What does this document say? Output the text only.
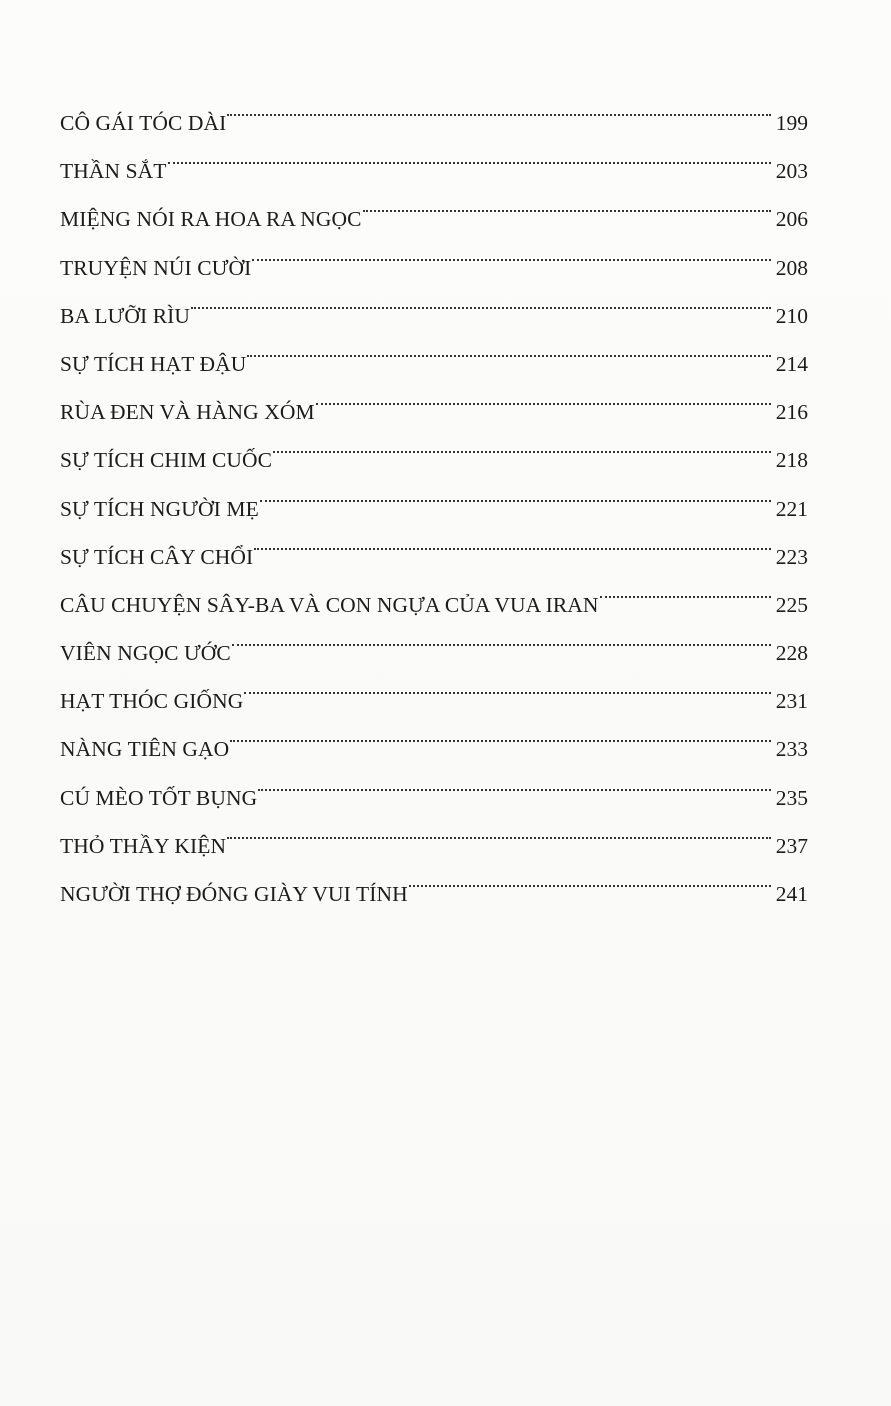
CÔ GÁI TÓC DÀI	199
THẦN SẮT	203
MIỆNG NÓI RA HOA RA NGỌC	206
TRUYỆN NÚI CƯỜI	208
BA LƯỠI RÌU	210
SỰ TÍCH HẠT ĐẬU	214
RÙA ĐEN VÀ HÀNG XÓM	216
SỰ TÍCH CHIM CUỐC	218
SỰ TÍCH NGƯỜI MẸ	221
SỰ TÍCH CÂY CHỔI	223
CÂU CHUYỆN SÂY-BA VÀ CON NGỰA CỦA VUA IRAN	225
VIÊN NGỌC ƯỚC	228
HẠT THÓC GIỐNG	231
NÀNG TIÊN GẠO	233
CÚ MÈO TỐT BỤNG	235
THỎ THẦY KIỆN	237
NGƯỜI THỢ ĐÓNG GIÀY VUI TÍNH	241
